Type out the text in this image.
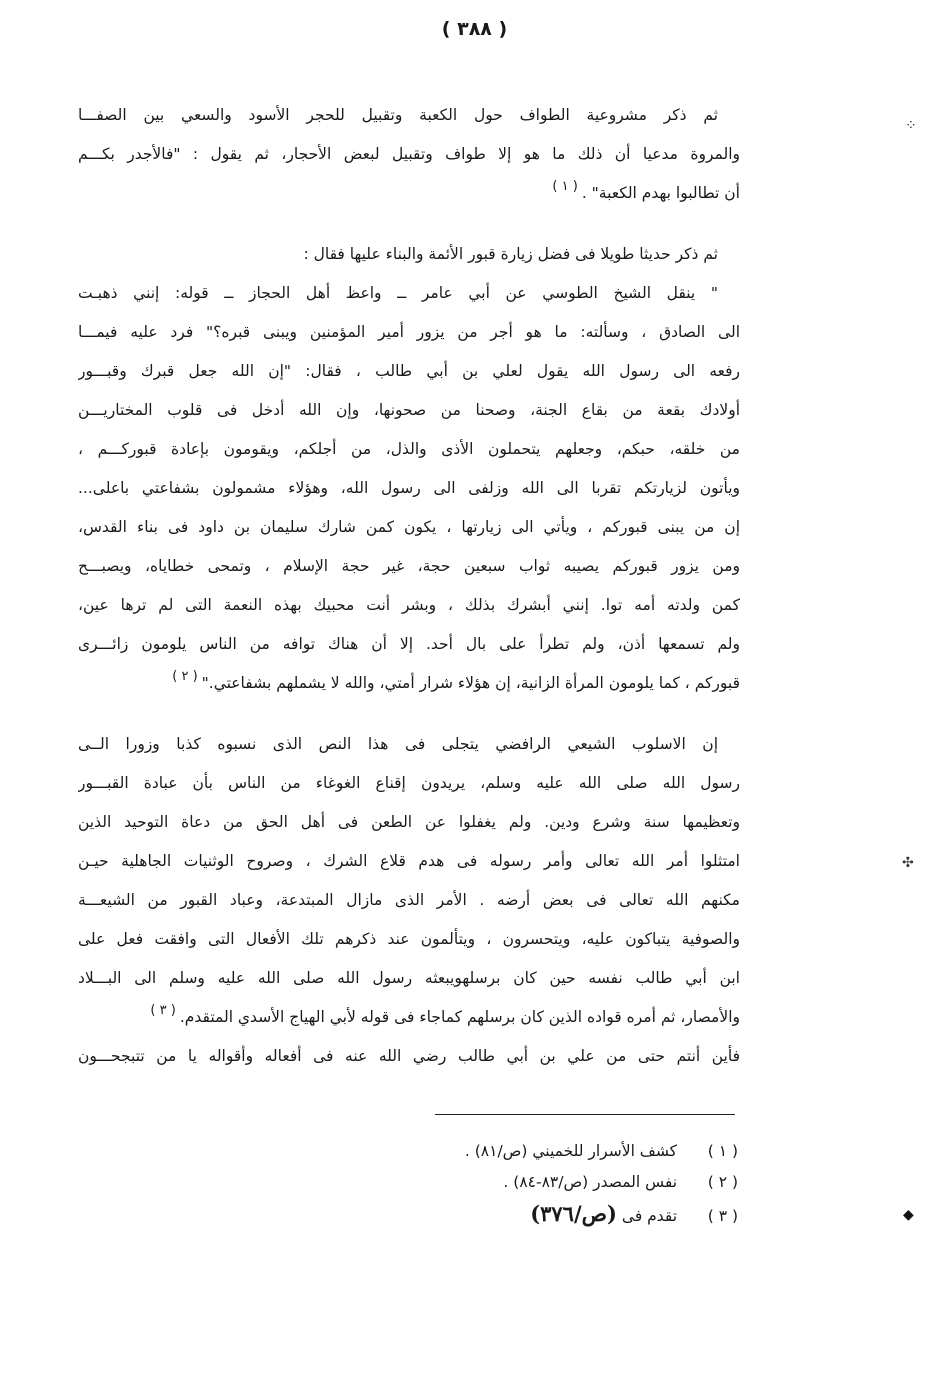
( ٣٨٨ )
ثم ذكر مشروعية الطواف حول الكعبة وتقبيل للحجر الأسود والسعي بين الصفـــا
والمروة مدعيا أن ذلك ما هو إلا طواف وتقبيل لبعض الأحجار، ثم يقول : "فالأجدر بكـــم
أن تطالبوا بهدم الكعبة" .$^{( ١ )}$
ثم ذكر حديثا طويلا فى فضل زيارة قبور الأئمة والبناء عليها فقال :
" ينقل الشيخ الطوسي عن أبي عامر ــ واعظ أهل الحجاز ــ قوله: إنني ذهبـت
الى الصادق ، وسألته: ما هو أجر من يزور أمير المؤمنين ويبنى قبره؟" فرد عليه فيمـــا
رفعه الى رسول الله يقول لعلي بن أبي طالب ، فقال: "إن الله جعل قبرك وقبـــور
أولادك بقعة من بقاع الجنة، وصحنا من صحونها، وإن الله أدخل فى قلوب المختاريـــن
من خلقه، حبكم، وجعلهم يتحملون الأذى والذل، من أجلكم، ويقومون بإعادة قبوركـــم ،
ويأتون لزيارتكم تقربا الى الله وزلفى الى رسول الله، وهؤلاء مشمولون بشفاعتي باعلى...
إن من يبنى قبوركم ، ويأتي الى زيارتها ، يكون كمن شارك سليمان بن داود فى بناء القدس،
ومن يزور قبوركم يصيبه ثواب سبعين حجة، غير حجة الإسلام ، وتمحى خطاياه، ويصبـــح
كمن ولدته أمه توا. إنني أبشرك بذلك ، وبشر أنت محبيك بهذه النعمة التى لم ترها عين،
ولم تسمعها أذن، ولم تطرأ على بال أحد. إلا أن هناك توافه من الناس يلومون زائـــرى
قبوركم ، كما يلومون المرأة الزانية، إن هؤلاء شرار أمتي، والله لا يشملهم بشفاعتي."$^{( ٢ )}$
إن الاسلوب الشيعي الرافضي يتجلى فى هذا النص الذى نسبوه كذبا وزورا الــى
رسول الله صلى الله عليه وسلم، يريدون إقناع الغوغاء من الناس بأن عبادة القبـــور
وتعظيمها سنة وشرع ودين. ولم يغفلوا عن الطعن فى أهل الحق من دعاة التوحيد الذين
امتثلوا أمر الله تعالى وأمر رسوله فى هدم قلاع الشرك ، وصروح الوثنيات الجاهلية حيـن
مكنهم الله تعالى فى بعض أرضه . الأمر الذى مازال المبتدعة، وعباد القبور من الشيعـــة
والصوفية يتباكون عليه، ويتحسرون ، ويتألمون عند ذكرهم تلك الأفعال التى وافقت فعل على
ابن أبي طالب نفسه حين كان برسلهويبعثه رسول الله صلى الله عليه وسلم الى البـــلاد
والأمصار، ثم أمره قواده الذين كان برسلهم كماجاء فى قوله لأبي الهياج الأسدي المتقدم.$^{( ٣ )}$
فأين أنتم حتى من علي بن أبي طالب رضي الله عنه فى أفعاله وأقواله يا من تتبجحـــون
( ١ ) كشف الأسرار للخميني (ص/٨١) .
( ٢ ) نفس المصدر (ص/٨٣-٨٤) .
( ٣ ) تقدم فى (ص/٣٧٦)
⁘
✣
◆
